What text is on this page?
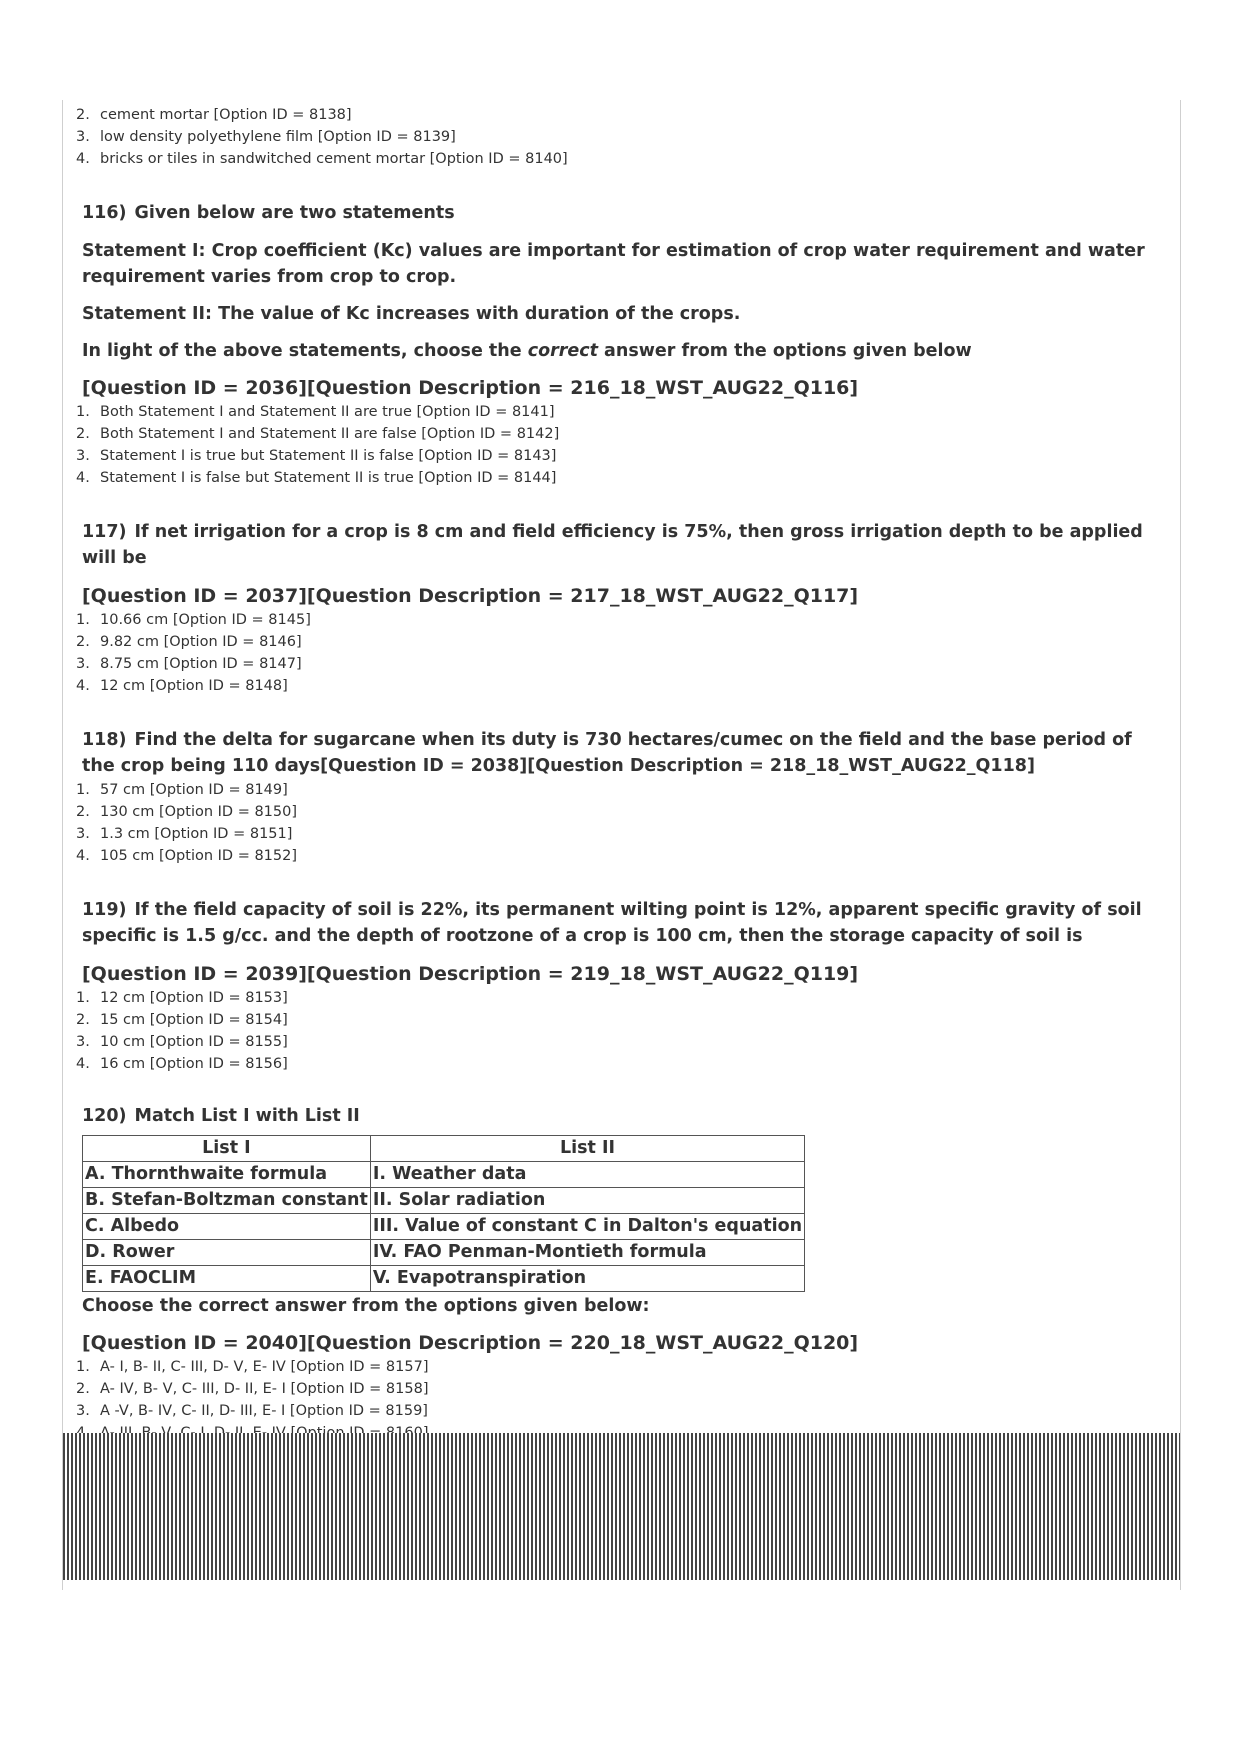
2. cement mortar [Option ID = 8138]
3. low density polyethylene film [Option ID = 8139]
4. bricks or tiles in sandwitched cement mortar [Option ID = 8140]
116) Given below are two statements
Statement I: Crop coefficient (Kc) values are important for estimation of crop water requirement and water requirement varies from crop to crop.
Statement II: The value of Kc increases with duration of the crops.
In light of the above statements, choose the correct answer from the options given below
[Question ID = 2036][Question Description = 216_18_WST_AUG22_Q116]
1. Both Statement I and Statement II are true [Option ID = 8141]
2. Both Statement I and Statement II are false [Option ID = 8142]
3. Statement I is true but Statement II is false [Option ID = 8143]
4. Statement I is false but Statement II is true [Option ID = 8144]
117) If net irrigation for a crop is 8 cm and field efficiency is 75%, then gross irrigation depth to be applied will be
[Question ID = 2037][Question Description = 217_18_WST_AUG22_Q117]
1. 10.66 cm [Option ID = 8145]
2. 9.82 cm [Option ID = 8146]
3. 8.75 cm [Option ID = 8147]
4. 12 cm [Option ID = 8148]
118) Find the delta for sugarcane when its duty is 730 hectares/cumec on the field and the base period of the crop being 110 days[Question ID = 2038][Question Description = 218_18_WST_AUG22_Q118]
1. 57 cm [Option ID = 8149]
2. 130 cm [Option ID = 8150]
3. 1.3 cm [Option ID = 8151]
4. 105 cm [Option ID = 8152]
119) If the field capacity of soil is 22%, its permanent wilting point is 12%, apparent specific gravity of soil specific is 1.5 g/cc. and the depth of rootzone of a crop is 100 cm, then the storage capacity of soil is
[Question ID = 2039][Question Description = 219_18_WST_AUG22_Q119]
1. 12 cm [Option ID = 8153]
2. 15 cm [Option ID = 8154]
3. 10 cm [Option ID = 8155]
4. 16 cm [Option ID = 8156]
120) Match List I with List II
List I	List II
A. Thornthwaite formula	I. Weather data
B. Stefan-Boltzman constant	II. Solar radiation
C. Albedo	III. Value of constant C in Dalton's equation
D. Rower	IV. FAO Penman-Montieth formula
E. FAOCLIM	V. Evapotranspiration
Choose the correct answer from the options given below:
[Question ID = 2040][Question Description = 220_18_WST_AUG22_Q120]
1. A- I, B- II, C- III, D- V, E- IV [Option ID = 8157]
2. A- IV, B- V, C- III, D- II, E- I [Option ID = 8158]
3. A -V, B- IV, C- II, D- III, E- I [Option ID = 8159]
